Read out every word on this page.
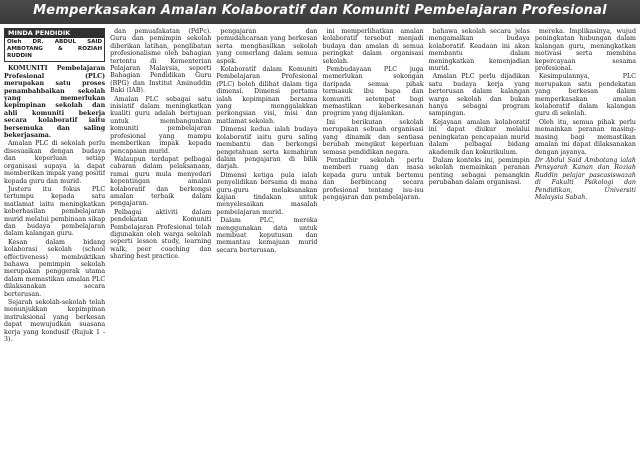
Memperkasakan Amalan Kolaboratif dan Komuniti Pembelajaran Profesional
MINDA PENDIDIK
Oleh DR. ABDUL SAID AMBOTANG & ROZIAH RUDDIN

KOMUNITI Pembelajaran Profesional (PLC) merupakan satu proses penambahbaikan sekolah yang memerlukan kepimpinan sekolah dan ahli komuniti bekerja secara kolaboratif iaitu bersemuka dan saling bekerjasama.

Amalan PLC di sekolah perlu disesuaikan dengan budaya dan keperluan setiap organisasi supaya ia dapat memberikan impak yang positif kepada guru dan murid.

Justeru itu fokus PLC tertumpu kepada satu matlamat iaitu meningkatkan keberhasilan pembelajaran murid melalui pembinaan sikap dan budaya pembelajaran dalam kalangan guru.

Kesan dalam bidang kolaborasi sekolah (school effectiveness) membuktikan bahawa pemimpin sekolah merupakan penggerak utama dalam memastikan amalan PLC dilaksanakan secara berterusan.

Sejarah sekolah-sekolah telah menunjukkan kepimpinan instruksional yang berkesan dapat mewujudkan suasana kerja yang kondusif (Rujuk 1 - 3).

dan pemuafakatan (PdPc). Guru dan pemimpin sekolah diberikan latihan, penglibatan profesionalisme oleh bahagian tertentu di Kementerian Pelajaran Malaysia, seperti Bahagian Pendidikan Guru (BPG) dan Institut Aminuddin Baki (IAB).

Amalan PLC sebagai satu inisiatif dalam meningkatkan kualiti guru adalah bertujuan untuk membangunkan komuniti pembelajaran profesional yang mampu memberikan impak kepada pencapaian murid.

Walaupun terdapat pelbagai cabaran dalam pelaksanaan, ramai guru mula menyedari kepentingan amalan kolaboratif dan berkongsi amalan terbaik dalam pengajaran.

Pelbagai aktiviti dalam pendekatan Komuniti Pembelajaran Profesional telah digunakan oleh warga sekolah seperti lesson study, learning walk, peer coaching dan sharing best practice.

pengajaran dan pemudahcaraan yang berkesan serta menghasilkan sekolah yang cemerlang dalam semua aspek.

Kolaboratif dalam Komuniti Pembelajaran Profesional (PLC) boleh dilihat dalam tiga dimensi. Dimensi pertama ialah kepimpinan bersama yang menggalakkan perkongsian visi, misi dan matlamat sekolah.

Dimensi kedua ialah budaya kolaboratif iaitu guru saling membantu dan berkongsi pengetahuan serta kemahiran dalam pengajaran di bilik darjah.

Dimensi ketiga pula ialah penyelidikan bersama di mana guru-guru melaksanakan kajian tindakan untuk menyelesaikan masalah pembelajaran murid.

Dalam PLC, mereka menggunakan data untuk membuat keputusan dan memantau kemajuan murid secara berterusan.

ini memperlihatkan amalan kolaboratif tersebut menjadi budaya dan amalan di semua peringkat dalam organisasi sekolah.

Pembudayaan PLC juga memerlukan sokongan daripada semua pihak termasuk ibu bapa dan komuniti setempat bagi memastikan keberkesanan program yang dijalankan.

Ini berikutan sekolah merupakan sebuah organisasi yang dinamik dan sentiasa berubah mengikut keperluan semasa pendidikan negara.

Pentadbir sekolah perlu memberi ruang dan masa kepada guru untuk bertemu dan berbincang secara profesional tentang isu-isu pengajaran dan pembelajaran.

bahawa sekolah secara jelas mengamalkan budaya kolaboratif. Keadaan ini akan membantu dalam meningkatkan kemenjadian murid.

Amalan PLC perlu dijadikan satu budaya kerja yang berterusan dalam kalangan warga sekolah dan bukan hanya sebagai program sampingan.

Kejayaan amalan kolaboratif ini dapat diukur melalui peningkatan pencapaian murid dalam pelbagai bidang akademik dan kokurikulum.

Dalam konteks ini, pemimpin sekolah memainkan peranan penting sebagai pemangkin perubahan dalam organisasi.

mereka. Implikasinya, wujud peningkatan hubungan dalam kalangan guru, meningkatkan motivasi serta membina kepercayaan sesama profesional.

Kesimpulannya, PLC merupakan satu pendekatan yang berkesan dalam memperkasakan amalan kolaboratif dalam kalangan guru di sekolah.

Oleh itu, semua pihak perlu memainkan peranan masing-masing bagi memastikan amalan ini dapat dilaksanakan dengan jayanya.

Dr Abdul Said Ambotang ialah Pensyarah Kanan dan Roziah Ruddin pelajar pascasiswazah di Fakulti Psikologi dan Pendidikan, Universiti Malaysia Sabah.
